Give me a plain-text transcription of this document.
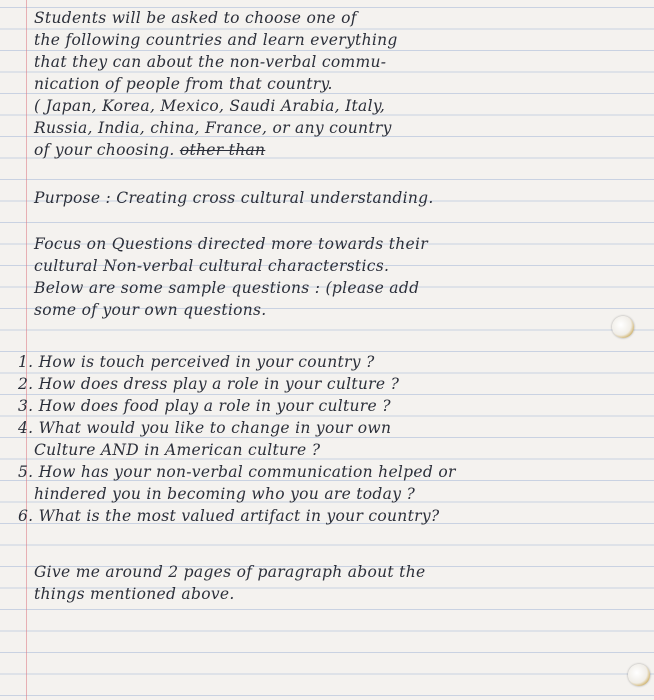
Students will be asked to choose one of
the following countries and learn everything
that they can about the non-verbal commu-
nication of people from that country.
( Japan, Korea, Mexico, Saudi Arabia, Italy,
Russia, India, china, France, or any country
of your choosing. other than
Purpose : Creating cross cultural understanding.
Focus on Questions directed more towards their
cultural Non-verbal cultural characterstics.
Below are some sample questions : (please add
some of your own questions.
1. How is touch perceived in your country ?
2. How does dress play a role in your culture ?
3. How does food play a role in your culture ?
4. What would you like to change in your own
Culture AND in American culture ?
5. How has your non-verbal communication helped or
hindered you in becoming who you are today ?
6. What is the most valued artifact in your country?
Give me around 2 pages of paragraph about the
things mentioned above.
